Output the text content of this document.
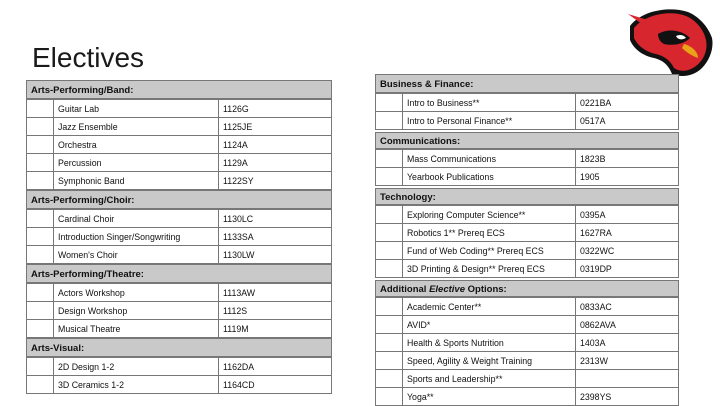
Electives
Arts-Performing/Band:
	Guitar Lab	1126G
	Jazz Ensemble	1125JE
	Orchestra	1124A
	Percussion	1129A
	Symphonic Band	1122SY
Arts-Performing/Choir:
	Cardinal Choir	1130LC
	Introduction Singer/Songwriting	1133SA
	Women's Choir	1130LW
Arts-Performing/Theatre:
	Actors Workshop	1113AW
	Design Workshop	1112S
	Musical Theatre	1119M
Arts-Visual:
	2D Design 1-2	1162DA
	3D Ceramics 1-2	1164CD
Business & Finance:
	Intro to Business**	0221BA
	Intro to Personal Finance**	0517A
Communications:
	Mass Communications	1823B
	Yearbook Publications	1905
Technology:
	Exploring Computer Science**	0395A
	Robotics 1** Prereq ECS	1627RA
	Fund of Web Coding** Prereq ECS	0322WC
	3D Printing & Design** Prereq ECS	0319DP
Additional Elective Options:
	Academic Center**	0833AC
	AVID*	0862AVA
	Health & Sports Nutrition	1403A
	Speed, Agility & Weight Training	2313W
	Sports and Leadership**	
	Yoga**	2398YS
